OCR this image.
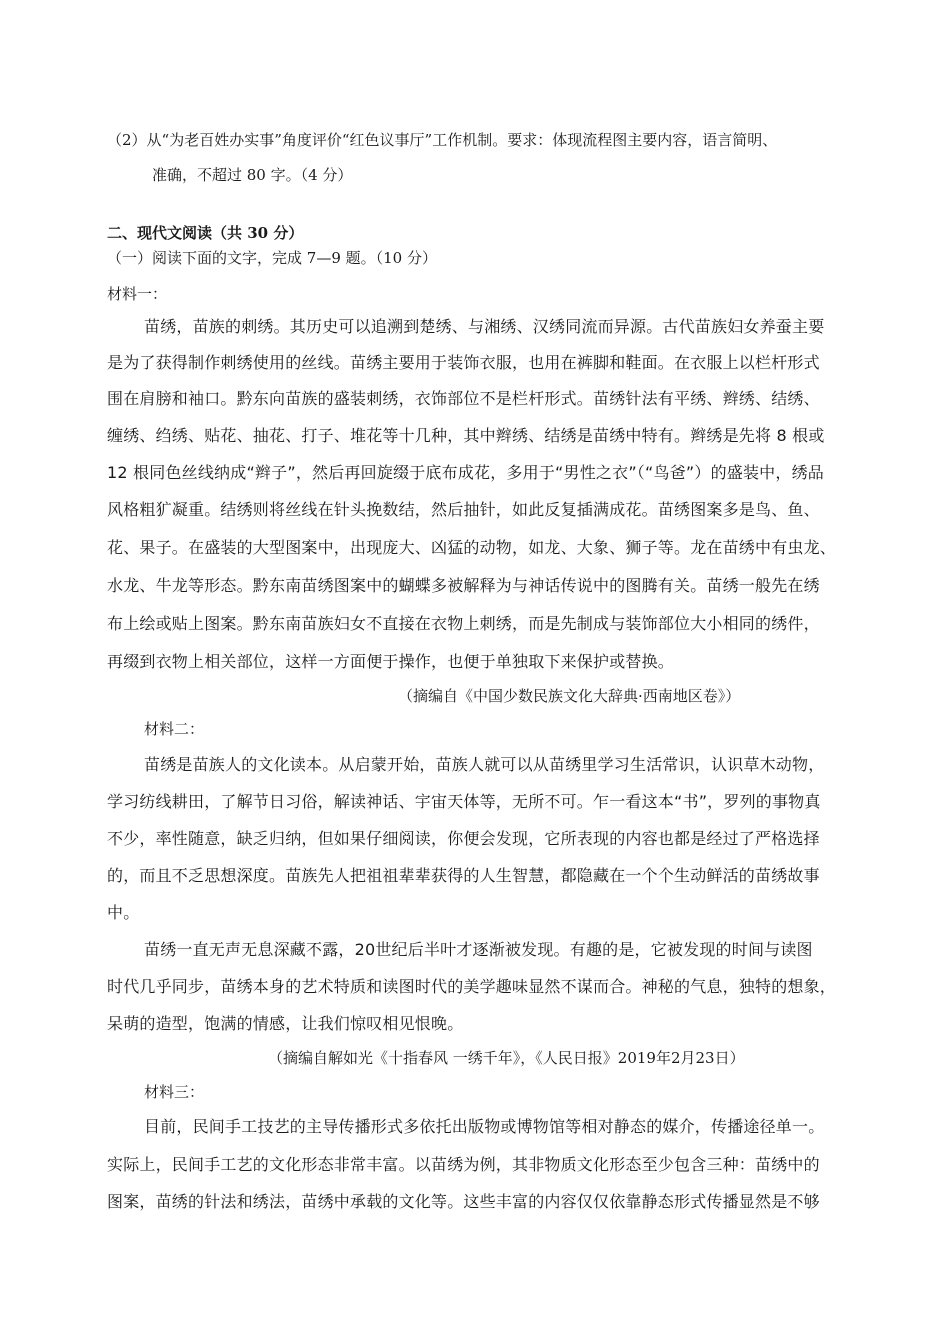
（2）从“为老百姓办实事”角度评价“红色议事厅”工作机制。要求：体现流程图主要内容，语言简明、
准确，不超过 80 字。（4 分）
二、现代文阅读（共 30 分）
（一）阅读下面的文字，完成 7—9 题。（10 分）
材料一：
苗绣，苗族的刺绣。其历史可以追溯到楚绣、与湘绣、汉绣同流而异源。古代苗族妇女养蚕主要
是为了获得制作刺绣使用的丝线。苗绣主要用于装饰衣服，也用在裤脚和鞋面。在衣服上以栏杆形式
围在肩膀和袖口。黔东向苗族的盛装刺绣，衣饰部位不是栏杆形式。苗绣针法有平绣、辫绣、结绣、
缠绣、绉绣、贴花、抽花、打子、堆花等十几种，其中辫绣、结绣是苗绣中特有。辫绣是先将 8 根或
12 根同色丝线纳成“辫子”，然后再回旋缀于底布成花，多用于“男性之衣”（“鸟爸”）的盛装中，绣品
风格粗犷凝重。结绣则将丝线在针头挽数结，然后抽针，如此反复插满成花。苗绣图案多是鸟、鱼、
花、果子。在盛装的大型图案中，出现庞大、凶猛的动物，如龙、大象、狮子等。龙在苗绣中有虫龙、
水龙、牛龙等形态。黔东南苗绣图案中的蝴蝶多被解释为与神话传说中的图腾有关。苗绣一般先在绣
布上绘或贴上图案。黔东南苗族妇女不直接在衣物上刺绣，而是先制成与装饰部位大小相同的绣件，
再缀到衣物上相关部位，这样一方面便于操作，也便于单独取下来保护或替换。
（摘编自《中国少数民族文化大辞典·西南地区卷》）
材料二：
苗绣是苗族人的文化读本。从启蒙开始，苗族人就可以从苗绣里学习生活常识，认识草木动物，
学习纺线耕田，了解节日习俗，解读神话、宇宙天体等，无所不可。乍一看这本“书”，罗列的事物真
不少，率性随意，缺乏归纳，但如果仔细阅读，你便会发现，它所表现的内容也都是经过了严格选择
的，而且不乏思想深度。苗族先人把祖祖辈辈获得的人生智慧，都隐藏在一个个生动鲜活的苗绣故事
中。
苗绣一直无声无息深藏不露，20世纪后半叶才逐渐被发现。有趣的是，它被发现的时间与读图
时代几乎同步，苗绣本身的艺术特质和读图时代的美学趣味显然不谋而合。神秘的气息，独特的想象，
呆萌的造型，饱满的情感，让我们惊叹相见恨晚。
（摘编自解如光《十指春风 一绣千年》，《人民日报》2019年2月23日）
材料三：
目前，民间手工技艺的主导传播形式多依托出版物或博物馆等相对静态的媒介，传播途径单一。
实际上，民间手工艺的文化形态非常丰富。以苗绣为例，其非物质文化形态至少包含三种：苗绣中的
图案，苗绣的针法和绣法，苗绣中承载的文化等。这些丰富的内容仅仅依靠静态形式传播显然是不够
